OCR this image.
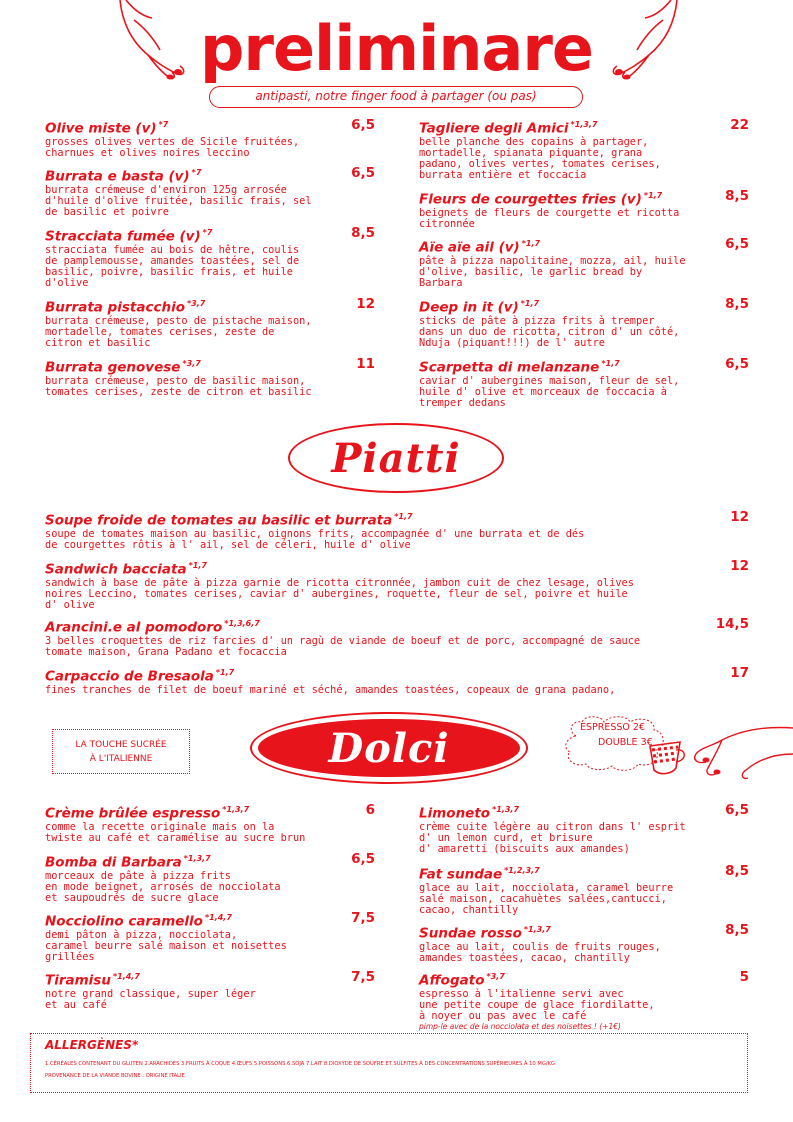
preliminare
antipasti, notre finger food à partager (ou pas)
Olive miste (v) $^{*7}$
grosses olives vertes de Sicile fruitées,
charnues et olives noires leccino
6,5
Burrata e basta (v) $^{*7}$
burrata crémeuse d'environ 125g arrosée
d'huile d'olive fruitée, basilic frais, sel
de basilic et poivre
6,5
Stracciata fumée (v) $^{*7}$
stracciata fumée au bois de hêtre, coulis
de pamplemousse, amandes toastées, sel de
basilic, poivre, basilic frais, et huile
d'olive
8,5
Burrata pistacchio $^{*3,7}$
burrata crémeuse, pesto de pistache maison,
mortadelle, tomates cerises, zeste de
citron et basilic
12
Burrata genovese $^{*3,7}$
burrata crémeuse, pesto de basilic maison,
tomates cerises, zeste de citron et basilic
11
Tagliere degli Amici $^{*1,3,7}$
belle planche des copains à partager,
mortadelle, spianata piquante, grana
padano, olives vertes, tomates cerises,
burrata entière et foccacia
22
Fleurs de courgettes fries (v) $^{*1,7}$
beignets de fleurs de courgette et ricotta
citronnée
8,5
Aïe aïe ail (v) $^{*1,7}$
pâte à pizza napolitaine, mozza, ail, huile
d'olive, basilic, le garlic bread by
Barbara
6,5
Deep in it (v) $^{*1,7}$
sticks de pâte à pizza frits à tremper
dans un duo de ricotta, citron d' un côté,
Nduja (piquant!!!) de l' autre
8,5
Scarpetta di melanzane $^{*1,7}$
caviar d' aubergines maison, fleur de sel,
huile d' olive et morceaux de foccacia à
tremper dedans
6,5
Piatti
Soupe froide de tomates au basilic et burrata $^{*1,7}$
soupe de tomates maison au basilic, oignons frits, accompagnée d' une burrata et de dés
de courgettes rôtis à l' ail, sel de céleri, huile d' olive
12
Sandwich bacciata $^{*1,7}$
sandwich à base de pâte à pizza garnie de ricotta citronnée, jambon cuit de chez lesage, olives
noires Leccino, tomates cerises, caviar d' aubergines, roquette, fleur de sel, poivre et huile
d' olive
12
Arancini.e al pomodoro $^{*1,3,6,7}$
3 belles croquettes de riz farcies d' un ragù de viande de boeuf et de porc, accompagné de sauce
tomate maison, Grana Padano et focaccia
14,5
Carpaccio de Bresaola $^{*1,7}$
fines tranches de filet de boeuf mariné et séché, amandes toastées, copeaux de grana padano,
17
LA TOUCHE SUCRÉE
À L'ITALIENNE	Dolci	ESPRESSO 2€
DOUBLE 3€
Crème brûlée espresso $^{*1,3,7}$
comme la recette originale mais on la
twiste au café et caramélise au sucre brun
6
Bomba di Barbara $^{*1,3,7}$
morceaux de pâte à pizza frits
en mode beignet, arrosés de nocciolata
et saupoudrés de sucre glace
6,5
Nocciolino caramello $^{*1,4,7}$
demi pâton à pizza, nocciolata,
caramel beurre salé maison et noisettes
grillées
7,5
Tiramisu $^{*1,4,7}$
notre grand classique, super léger
et au café
7,5
Limoneto $^{*1,3,7}$
crème cuite légère au citron dans l' esprit
d' un lemon curd, et brisure
d' amaretti (biscuits aux amandes)
6,5
Fat sundae $^{*1,2,3,7}$
glace au lait, nocciolata, caramel beurre
salé maison, cacahuètes salées,cantucci,
cacao, chantilly
8,5
Sundae rosso $^{*1,3,7}$
glace au lait, coulis de fruits rouges,
amandes toastées, cacao, chantilly
8,5
Affogato $^{*3,7}$
espresso à l'italienne servi avec
une petite coupe de glace fiordilatte,
à noyer ou pas avec le café
pimp-le avec de la nocciolata et des noisettes ! (+1€)
5
ALLERGÈNES*
1.CÉRÉALES CONTENANT DU GLUTEN 2.ARACHIDES 3.FRUITS À COQUE 4.ŒUFS 5.POISSONS 6.SOJA 7.LAIT 8.DIOXYDE DE SOUFRE ET SULFITES À DES CONCENTRATIONS SUPÉRIEURES À 10 MG/KG
PROVENANCE DE LA VIANDE BOVINE : ORIGINE ITALIE
